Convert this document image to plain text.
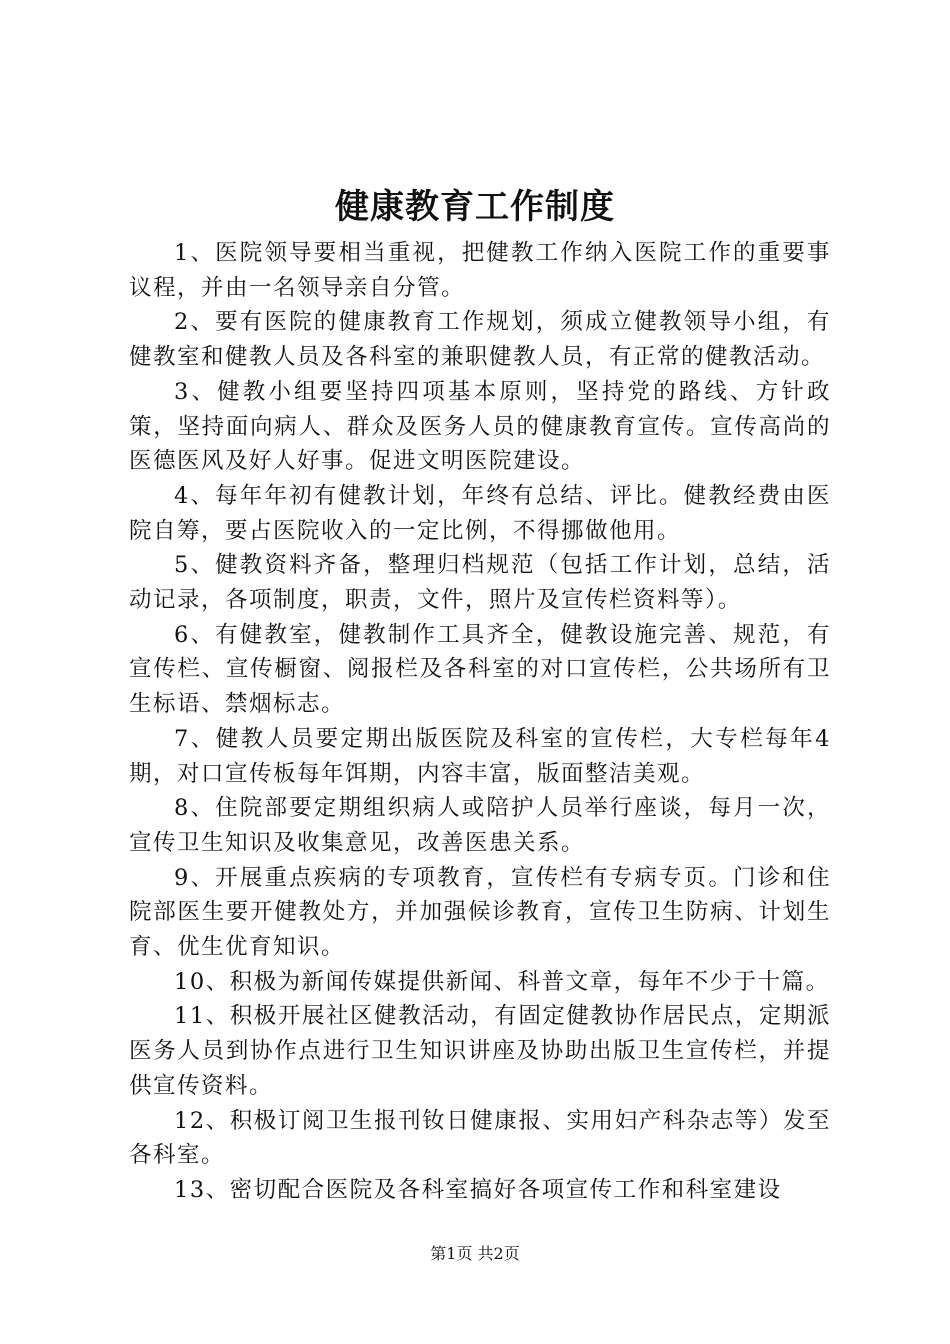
健康教育工作制度

1、医院领导要相当重视，把健教工作纳入医院工作的重要事议程，并由一名领导亲自分管。

2、要有医院的健康教育工作规划，须成立健教领导小组，有健教室和健教人员及各科室的兼职健教人员，有正常的健教活动。

3、健教小组要坚持四项基本原则，坚持党的路线、方针政策，坚持面向病人、群众及医务人员的健康教育宣传。宣传高尚的医德医风及好人好事。促进文明医院建设。

4、每年年初有健教计划，年终有总结、评比。健教经费由医院自筹，要占医院收入的一定比例，不得挪做他用。

5、健教资料齐备，整理归档规范（包括工作计划，总结，活动记录，各项制度，职责，文件，照片及宣传栏资料等）。

6、有健教室，健教制作工具齐全，健教设施完善、规范，有宣传栏、宣传橱窗、阅报栏及各科室的对口宣传栏，公共场所有卫生标语、禁烟标志。

7、健教人员要定期出版医院及科室的宣传栏，大专栏每年4期，对口宣传板每年饵期，内容丰富，版面整洁美观。

8、住院部要定期组织病人或陪护人员举行座谈，每月一次，宣传卫生知识及收集意见，改善医患关系。

9、开展重点疾病的专项教育，宣传栏有专病专页。门诊和住院部医生要开健教处方，并加强候诊教育，宣传卫生防病、计划生育、优生优育知识。

10、积极为新闻传媒提供新闻、科普文章，每年不少于十篇。

11、积极开展社区健教活动，有固定健教协作居民点，定期派医务人员到协作点进行卫生知识讲座及协助出版卫生宣传栏，并提供宣传资料。

12、积极订阅卫生报刊钕日健康报、实用妇产科杂志等）发至各科室。

13、密切配合医院及各科室搞好各项宣传工作和科室建设

第1页 共2页
